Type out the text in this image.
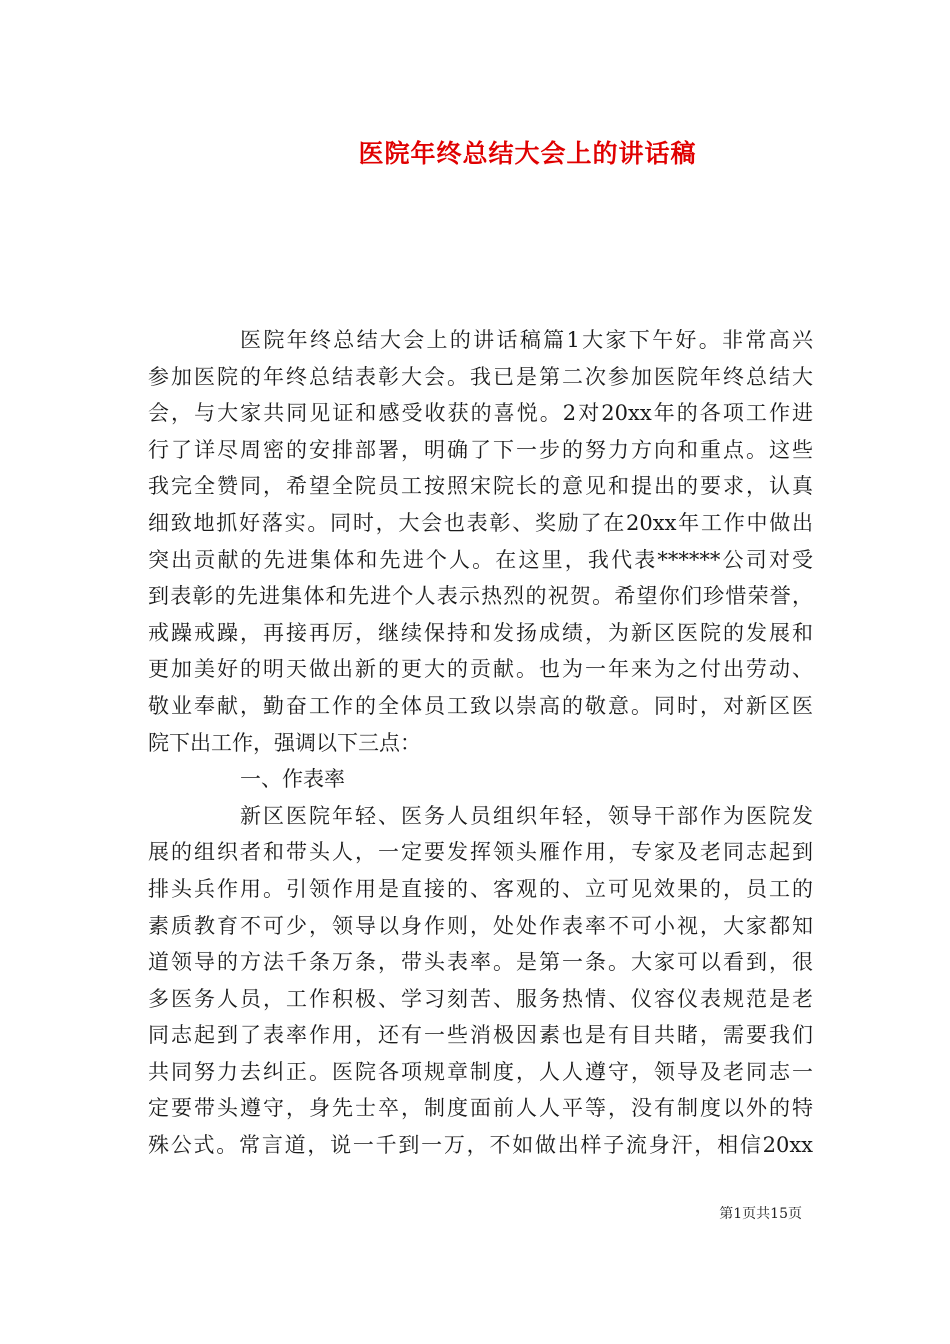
医院年终总结大会上的讲话稿
医院年终总结大会上的讲话稿篇1大家下午好。非常高兴
参加医院的年终总结表彰大会。我已是第二次参加医院年终总结大
会，与大家共同见证和感受收获的喜悦。2对20xx年的各项工作进
行了详尽周密的安排部署，明确了下一步的努力方向和重点。这些
我完全赞同，希望全院员工按照宋院长的意见和提出的要求，认真
细致地抓好落实。同时，大会也表彰、奖励了在20xx年工作中做出
突出贡献的先进集体和先进个人。在这里，我代表******公司对受
到表彰的先进集体和先进个人表示热烈的祝贺。希望你们珍惜荣誉，
戒躁戒躁，再接再厉，继续保持和发扬成绩，为新区医院的发展和
更加美好的明天做出新的更大的贡献。也为一年来为之付出劳动、
敬业奉献，勤奋工作的全体员工致以崇高的敬意。同时，对新区医
院下出工作，强调以下三点：
一、作表率
新区医院年轻、医务人员组织年轻，领导干部作为医院发
展的组织者和带头人，一定要发挥领头雁作用，专家及老同志起到
排头兵作用。引领作用是直接的、客观的、立可见效果的，员工的
素质教育不可少，领导以身作则，处处作表率不可小视，大家都知
道领导的方法千条万条，带头表率。是第一条。大家可以看到，很
多医务人员，工作积极、学习刻苦、服务热情、仪容仪表规范是老
同志起到了表率作用，还有一些消极因素也是有目共睹，需要我们
共同努力去纠正。医院各项规章制度，人人遵守，领导及老同志一
定要带头遵守，身先士卒，制度面前人人平等，没有制度以外的特
殊公式。常言道，说一千到一万，不如做出样子流身汗，相信20xx
第1页共15页
